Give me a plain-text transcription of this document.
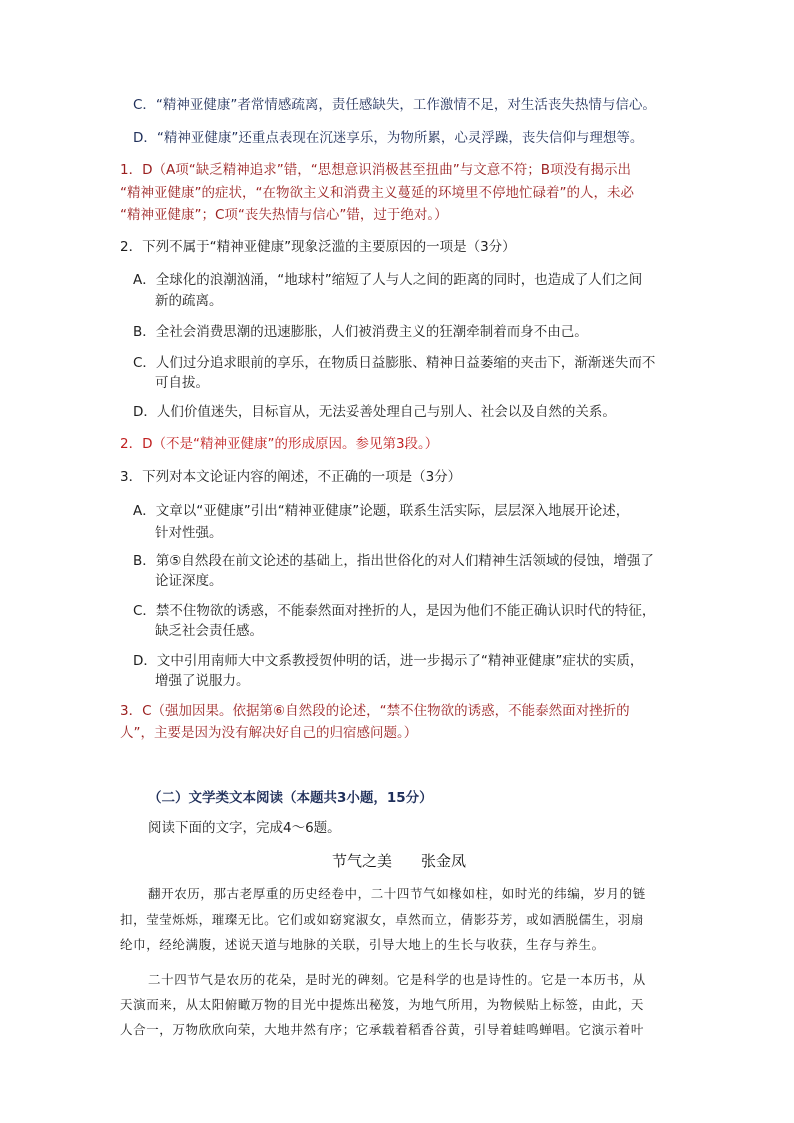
C．“精神亚健康”者常情感疏离，责任感缺失，工作激情不足，对生活丧失热情与信心。
D．“精神亚健康”还重点表现在沉迷享乐，为物所累，心灵浮躁，丧失信仰与理想等。
1．D（A项“缺乏精神追求”错，“思想意识消极甚至扭曲”与文意不符；B项没有揭示出
“精神亚健康”的症状，“在物欲主义和消费主义蔓延的环境里不停地忙碌着”的人，未必
“精神亚健康”；C项“丧失热情与信心”错，过于绝对。）
2．下列不属于“精神亚健康”现象泛滥的主要原因的一项是（3分）
A．全球化的浪潮汹涌，“地球村”缩短了人与人之间的距离的同时，也造成了人们之间
新的疏离。
B．全社会消费思潮的迅速膨胀，人们被消费主义的狂潮牵制着而身不由己。
C．人们过分追求眼前的享乐，在物质日益膨胀、精神日益萎缩的夹击下，渐渐迷失而不
可自拔。
D．人们价值迷失，目标盲从，无法妥善处理自己与别人、社会以及自然的关系。
2．D（不是“精神亚健康”的形成原因。参见第3段。）
3．下列对本文论证内容的阐述，不正确的一项是（3分）
A．文章以“亚健康”引出“精神亚健康”论题，联系生活实际，层层深入地展开论述，
针对性强。
B．第⑤自然段在前文论述的基础上，指出世俗化的对人们精神生活领域的侵蚀，增强了
论证深度。
C．禁不住物欲的诱惑，不能泰然面对挫折的人，是因为他们不能正确认识时代的特征，
缺乏社会责任感。
D．文中引用南师大中文系教授贺仲明的话，进一步揭示了“精神亚健康”症状的实质，
增强了说服力。
3．C（强加因果。依据第⑥自然段的论述，“禁不住物欲的诱惑，不能泰然面对挫折的
人”，主要是因为没有解决好自己的归宿感问题。）
（二）文学类文本阅读（本题共3小题，15分）
阅读下面的文字，完成4～6题。
节气之美 张金凤
翻开农历，那古老厚重的历史经卷中，二十四节气如椽如柱，如时光的纬编，岁月的链
扣，莹莹烁烁，璀璨无比。它们或如窈窕淑女，卓然而立，倩影芬芳，或如洒脱儒生，羽扇
纶巾，经纶满腹，述说天道与地脉的关联，引导大地上的生长与收获，生存与养生。
二十四节气是农历的花朵，是时光的碑刻。它是科学的也是诗性的。它是一本历书，从
天演而来，从太阳俯瞰万物的目光中提炼出秘笈，为地气所用，为物候贴上标签，由此，天
人合一，万物欣欣向荣，大地井然有序；它承载着稻香谷黄，引导着蛙鸣蝉唱。它演示着叶
